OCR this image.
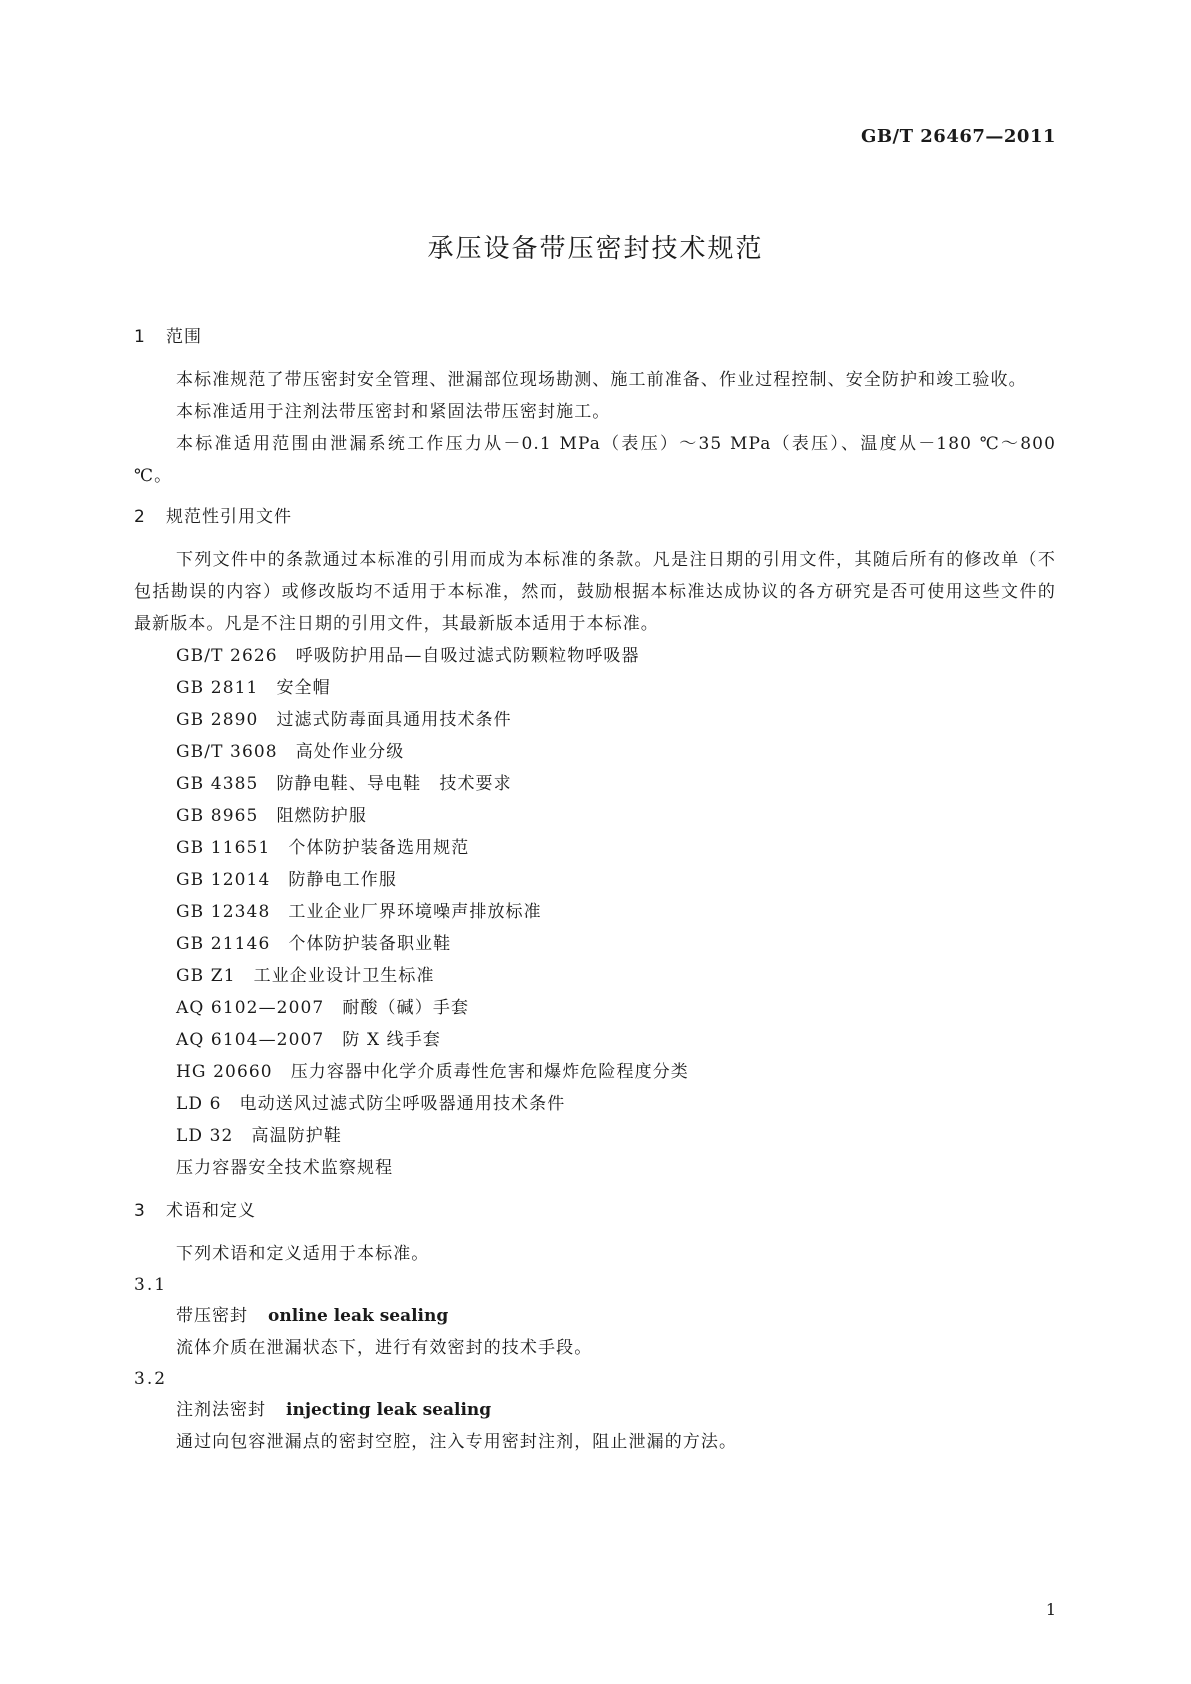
GB/T 26467—2011
承压设备带压密封技术规范
1 范围

本标准规范了带压密封安全管理、泄漏部位现场勘测、施工前准备、作业过程控制、安全防护和竣工验收。

本标准适用于注剂法带压密封和紧固法带压密封施工。

本标准适用范围由泄漏系统工作压力从－0.1 MPa（表压）～35 MPa（表压）、温度从－180 ℃～800 ℃。

2 规范性引用文件

下列文件中的条款通过本标准的引用而成为本标准的条款。凡是注日期的引用文件，其随后所有的修改单（不包括勘误的内容）或修改版均不适用于本标准，然而，鼓励根据本标准达成协议的各方研究是否可使用这些文件的最新版本。凡是不注日期的引用文件，其最新版本适用于本标准。

GB/T 2626 呼吸防护用品—自吸过滤式防颗粒物呼吸器
GB 2811 安全帽
GB 2890 过滤式防毒面具通用技术条件
GB/T 3608 高处作业分级
GB 4385 防静电鞋、导电鞋　技术要求
GB 8965 阻燃防护服
GB 11651 个体防护装备选用规范
GB 12014 防静电工作服
GB 12348 工业企业厂界环境噪声排放标准
GB 21146 个体防护装备职业鞋
GB Z1 工业企业设计卫生标准
AQ 6102—2007 耐酸（碱）手套
AQ 6104—2007 防 X 线手套
HG 20660 压力容器中化学介质毒性危害和爆炸危险程度分类
LD 6 电动送风过滤式防尘呼吸器通用技术条件
LD 32 高温防护鞋
压力容器安全技术监察规程
3 术语和定义

下列术语和定义适用于本标准。

3.1
带压密封 online leak sealing

流体介质在泄漏状态下，进行有效密封的技术手段。

3.2
注剂法密封 injecting leak sealing

通过向包容泄漏点的密封空腔，注入专用密封注剂，阻止泄漏的方法。

1
